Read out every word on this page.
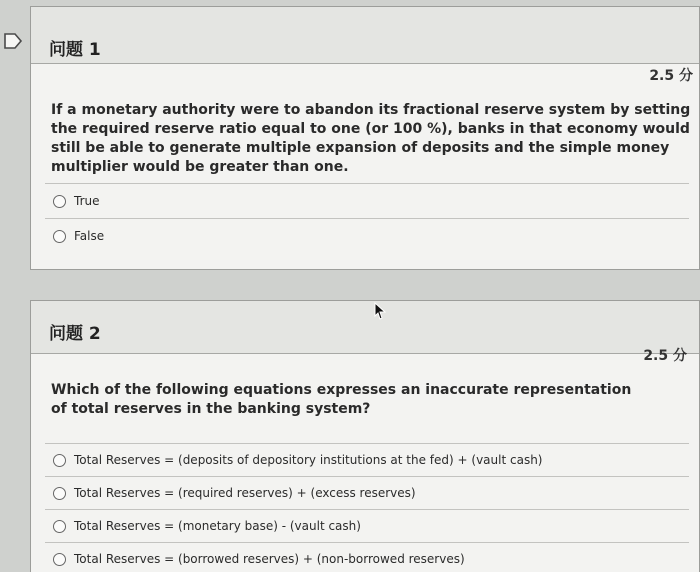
问题 1
2.5 分
If a monetary authority were to abandon its fractional reserve system by setting the required reserve ratio equal to one (or 100 %), banks in that economy would still be able to generate multiple expansion of deposits and the simple money multiplier would be greater than one.
True
False
问题 2
2.5 分
Which of the following equations expresses an inaccurate representation of total reserves in the banking system?
Total Reserves = (deposits of depository institutions at the fed) + (vault cash)
Total Reserves = (required reserves) + (excess reserves)
Total Reserves = (monetary base) - (vault cash)
Total Reserves = (borrowed reserves) + (non-borrowed reserves)
